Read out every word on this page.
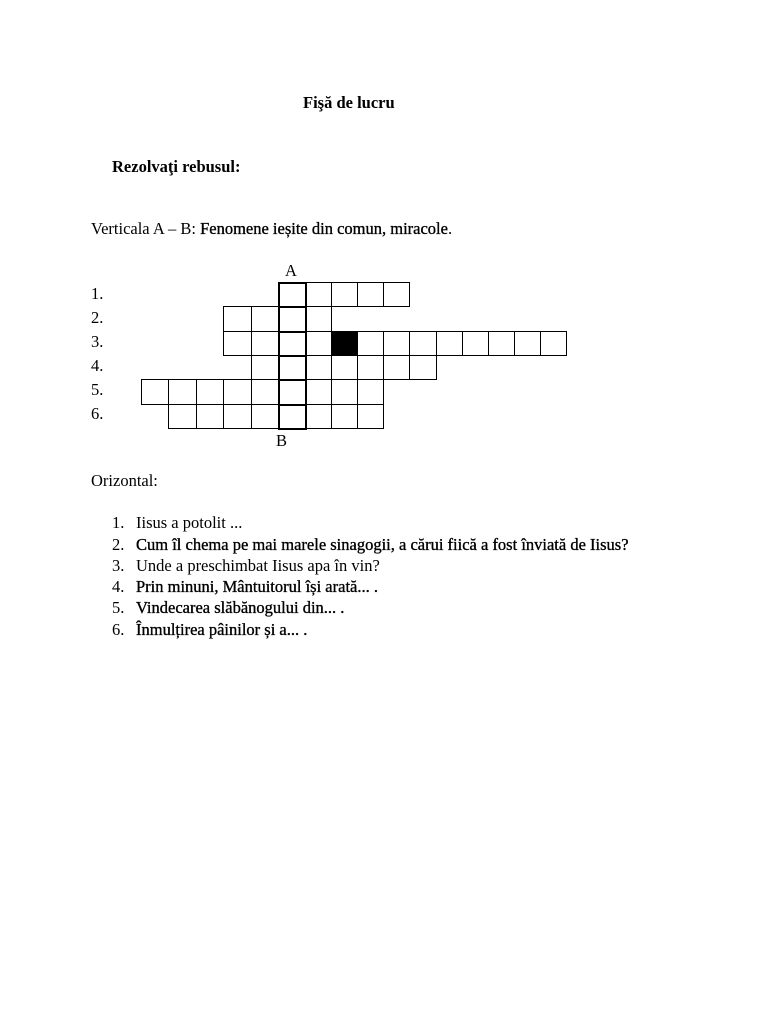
Fişă de lucru
Rezolvaţi rebusul:
Verticala A – B: Fenomene ieșite din comun, miracole.
A
B
1.
2.
3.
4.
5.
6.
Orizontal:
1. Iisus a potolit ...
2. Cum îl chema pe mai marele sinagogii, a cărui fiică a fost înviată de Iisus?
3. Unde a preschimbat Iisus apa în vin?
4. Prin minuni, Mântuitorul își arată... .
5. Vindecarea slăbănogului din... .
6. Înmulțirea pâinilor și a... .
